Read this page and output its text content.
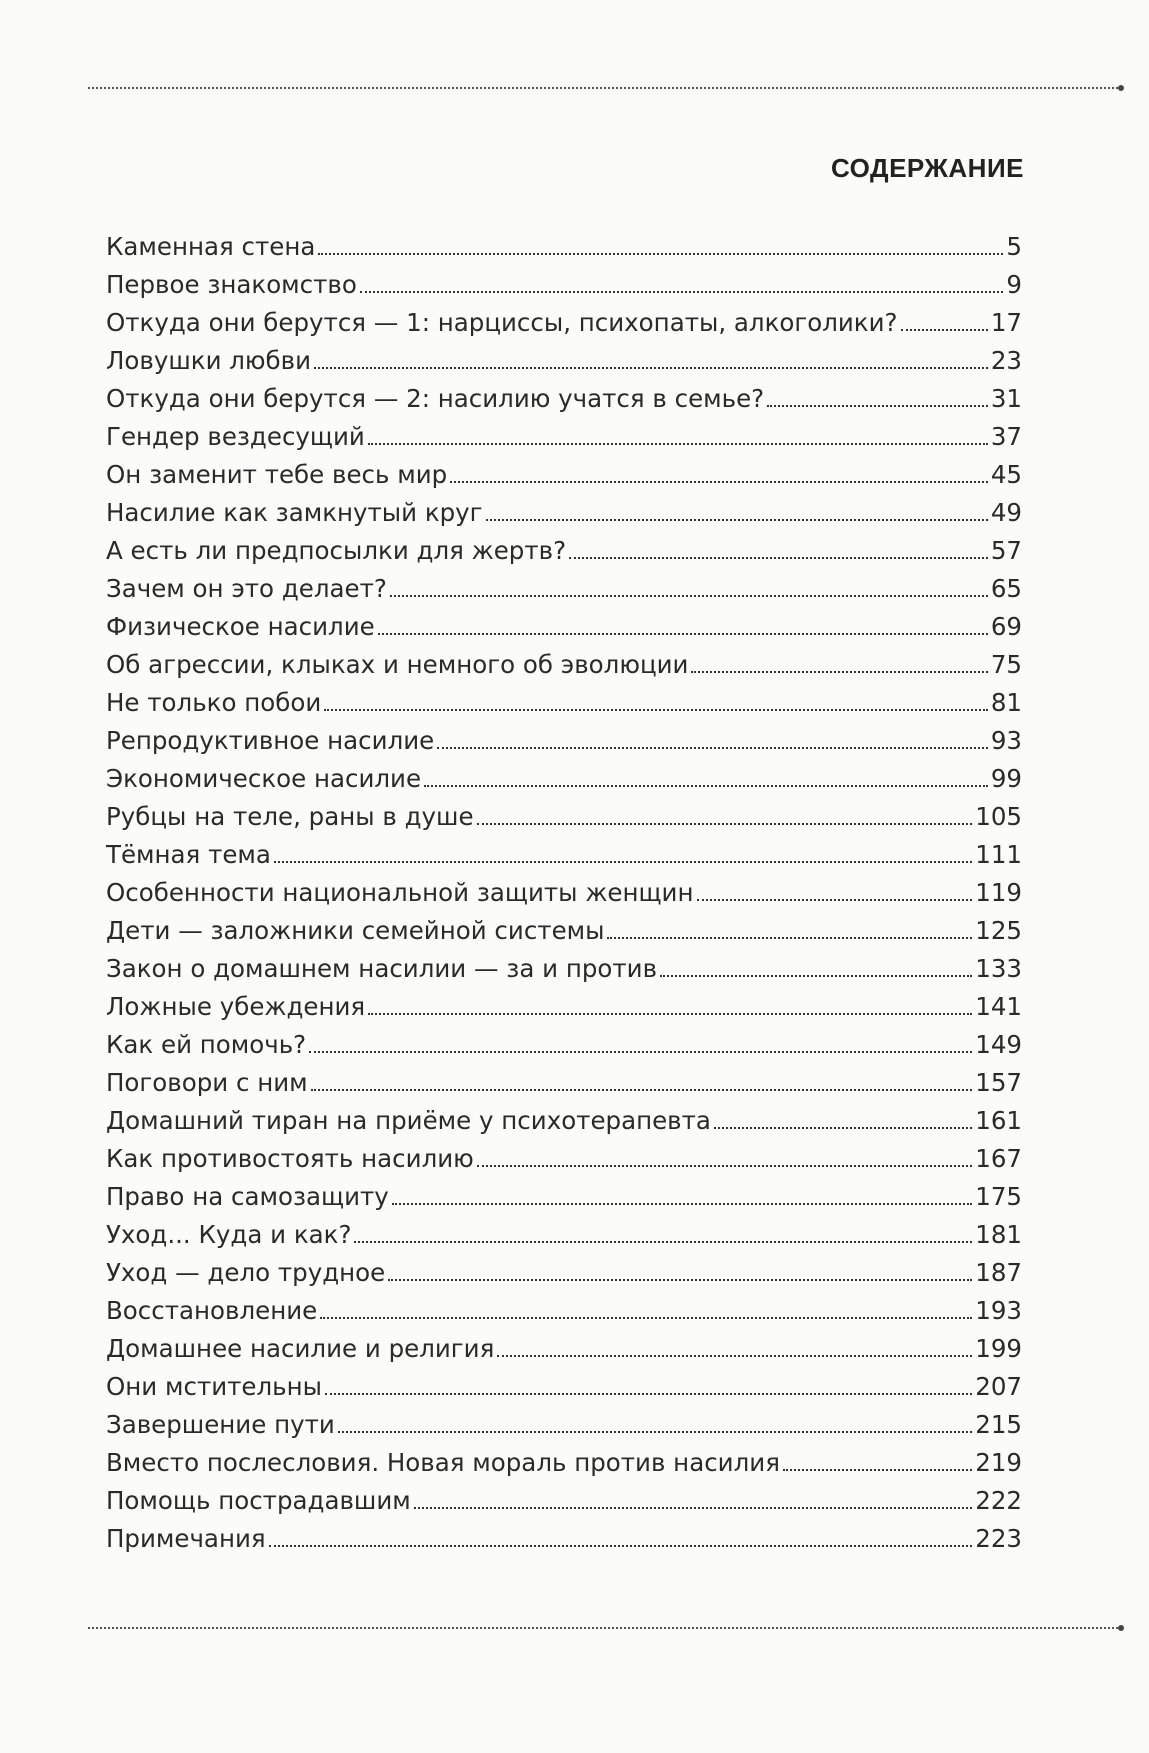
СОДЕРЖАНИЕ
Каменная стена	5
Первое знакомство	9
Откуда они берутся — 1: нарциссы, психопаты, алкоголики?	17
Ловушки любви	23
Откуда они берутся — 2: насилию учатся в семье?	31
Гендер вездесущий	37
Он заменит тебе весь мир	45
Насилие как замкнутый круг	49
А есть ли предпосылки для жертв?	57
Зачем он это делает?	65
Физическое насилие	69
Об агрессии, клыках и немного об эволюции	75
Не только побои	81
Репродуктивное насилие	93
Экономическое насилие	99
Рубцы на теле, раны в душе	105
Тёмная тема	111
Особенности национальной защиты женщин	119
Дети — заложники семейной системы	125
Закон о домашнем насилии — за и против	133
Ложные убеждения	141
Как ей помочь?	149
Поговори с ним	157
Домашний тиран на приёме у психотерапевта	161
Как противостоять насилию	167
Право на самозащиту	175
Уход... Куда и как?	181
Уход — дело трудное	187
Восстановление	193
Домашнее насилие и религия	199
Они мстительны	207
Завершение пути	215
Вместо послесловия. Новая мораль против насилия	219
Помощь пострадавшим	222
Примечания	223
